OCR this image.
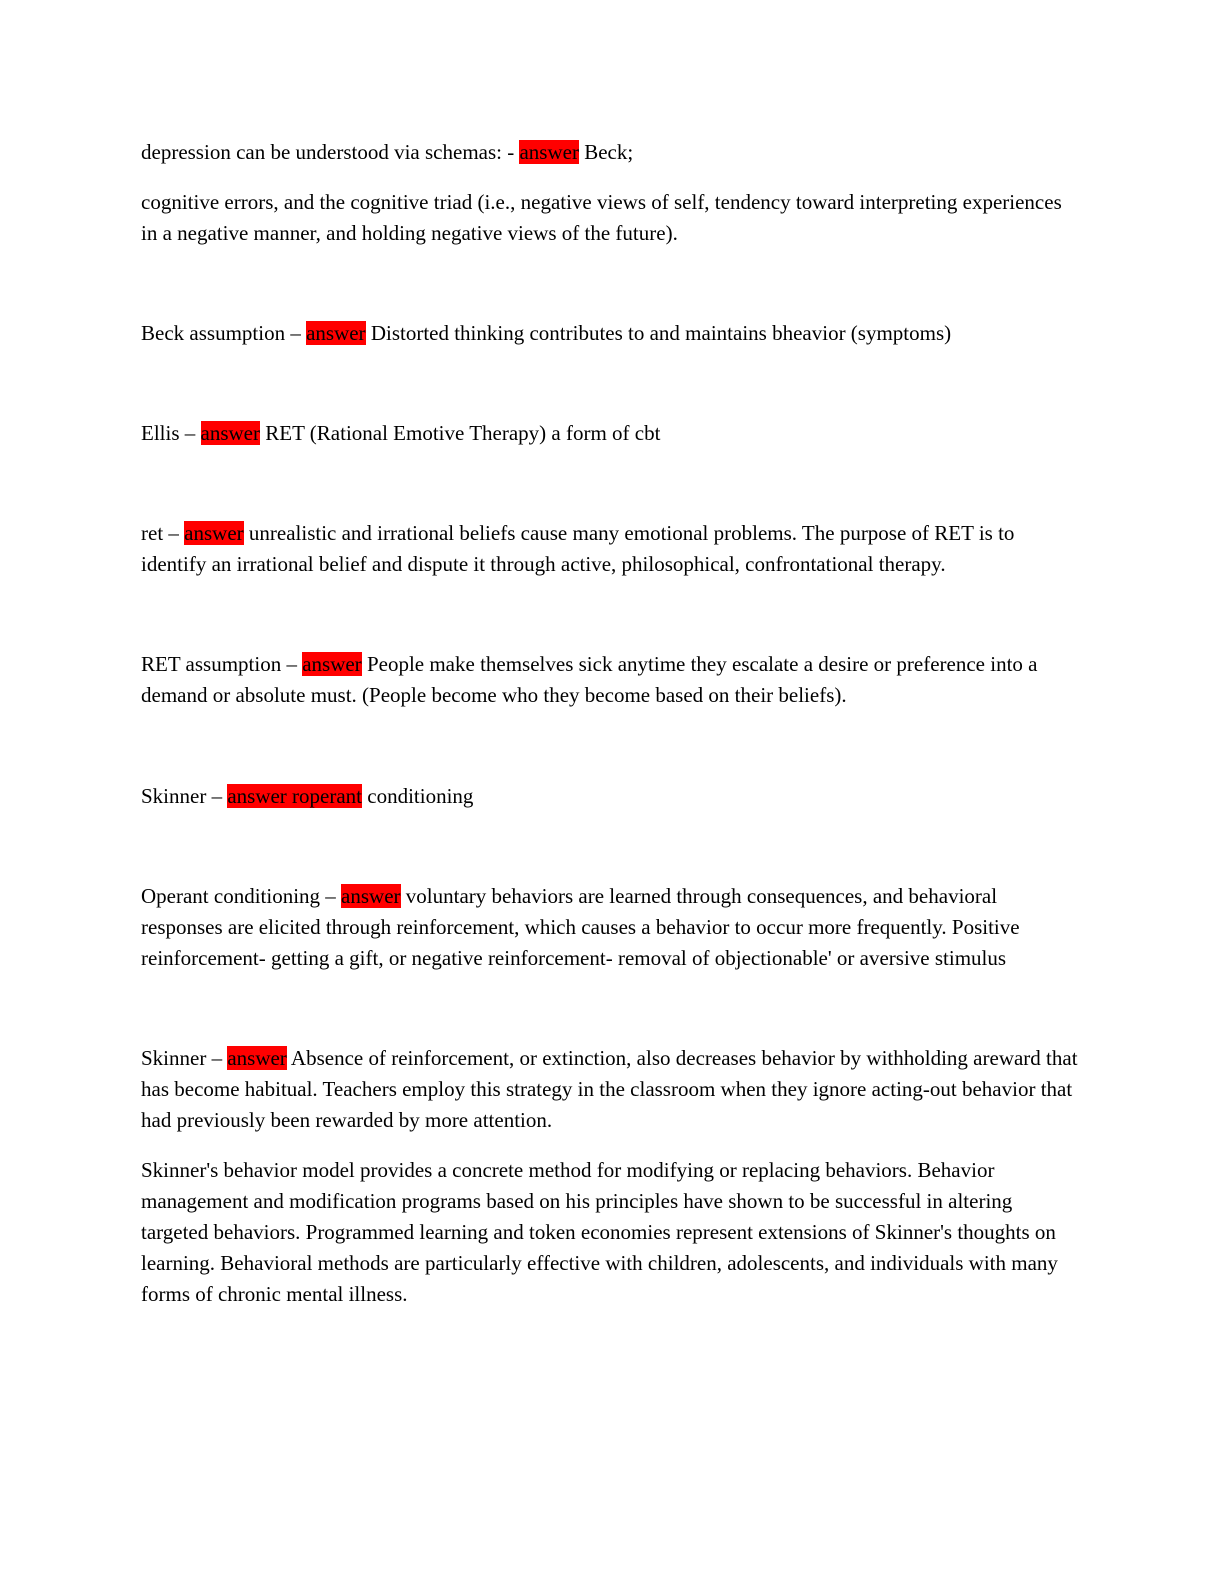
depression can be understood via schemas: - answer Beck;

cognitive errors, and the cognitive triad (i.e., negative views of self, tendency toward interpreting experiences in a negative manner, and holding negative views of the future).

Beck assumption – answer Distorted thinking contributes to and maintains bheavior (symptoms)

Ellis – answer RET (Rational Emotive Therapy) a form of cbt

ret – answer unrealistic and irrational beliefs cause many emotional problems. The purpose of RET is to identify an irrational belief and dispute it through active, philosophical, confrontational therapy.

RET assumption – answer People make themselves sick anytime they escalate a desire or preference into a demand or absolute must. (People become who they become based on their beliefs).

Skinner – answer roperant conditioning

Operant conditioning – answer voluntary behaviors are learned through consequences, and behavioral responses are elicited through reinforcement, which causes a behavior to occur more frequently. Positive reinforcement- getting a gift, or negative reinforcement- removal of objectionable' or aversive stimulus

Skinner – answer Absence of reinforcement, or extinction, also decreases behavior by withholding areward that has become habitual. Teachers employ this strategy in the classroom when they ignore acting-out behavior that had previously been rewarded by more attention.

Skinner's behavior model provides a concrete method for modifying or replacing behaviors. Behavior management and modification programs based on his principles have shown to be successful in altering targeted behaviors. Programmed learning and token economies represent extensions of Skinner's thoughts on learning. Behavioral methods are particularly effective with children, adolescents, and individuals with many forms of chronic mental illness.
